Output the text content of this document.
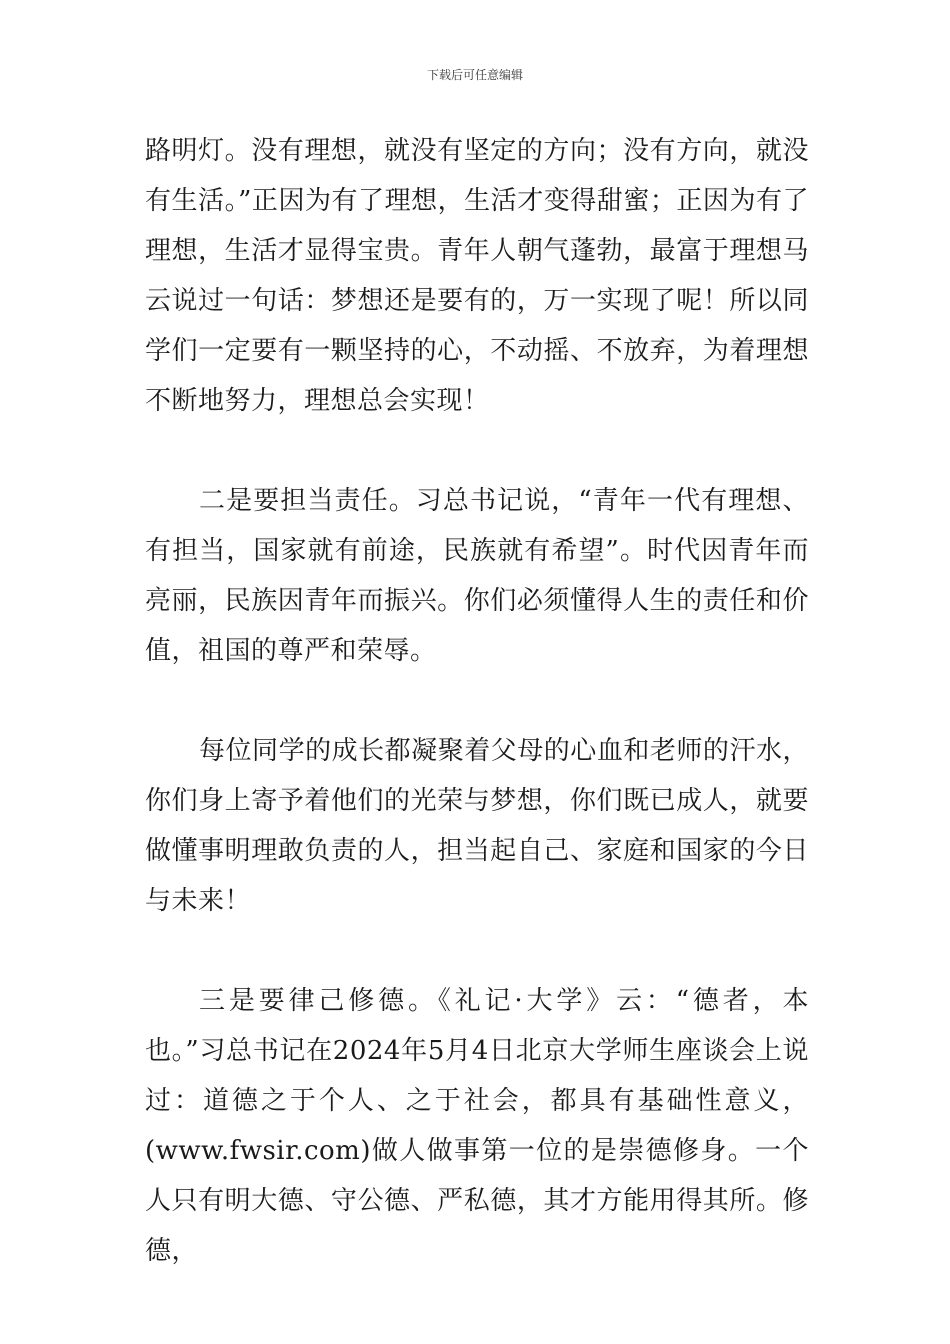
下载后可任意编辑

路明灯。没有理想，就没有坚定的方向；没有方向，就没有生活。”正因为有了理想，生活才变得甜蜜；正因为有了理想，生活才显得宝贵。青年人朝气蓬勃，最富于理想马云说过一句话：梦想还是要有的，万一实现了呢！所以同学们一定要有一颗坚持的心，不动摇、不放弃，为着理想不断地努力，理想总会实现！

二是要担当责任。习总书记说，“青年一代有理想、有担当，国家就有前途，民族就有希望”。时代因青年而亮丽，民族因青年而振兴。你们必须懂得人生的责任和价值，祖国的尊严和荣辱。

每位同学的成长都凝聚着父母的心血和老师的汗水，你们身上寄予着他们的光荣与梦想，你们既已成人，就要做懂事明理敢负责的人，担当起自己、家庭和国家的今日与未来！

三是要律己修德。《礼记·大学》云：“德者，本也。”习总书记在2024年5月4日北京大学师生座谈会上说过：道德之于个人、之于社会，都具有基础性意义，(www.fwsir.com)做人做事第一位的是崇德修身。一个人只有明大德、守公德、严私德，其才方能用得其所。修德，
